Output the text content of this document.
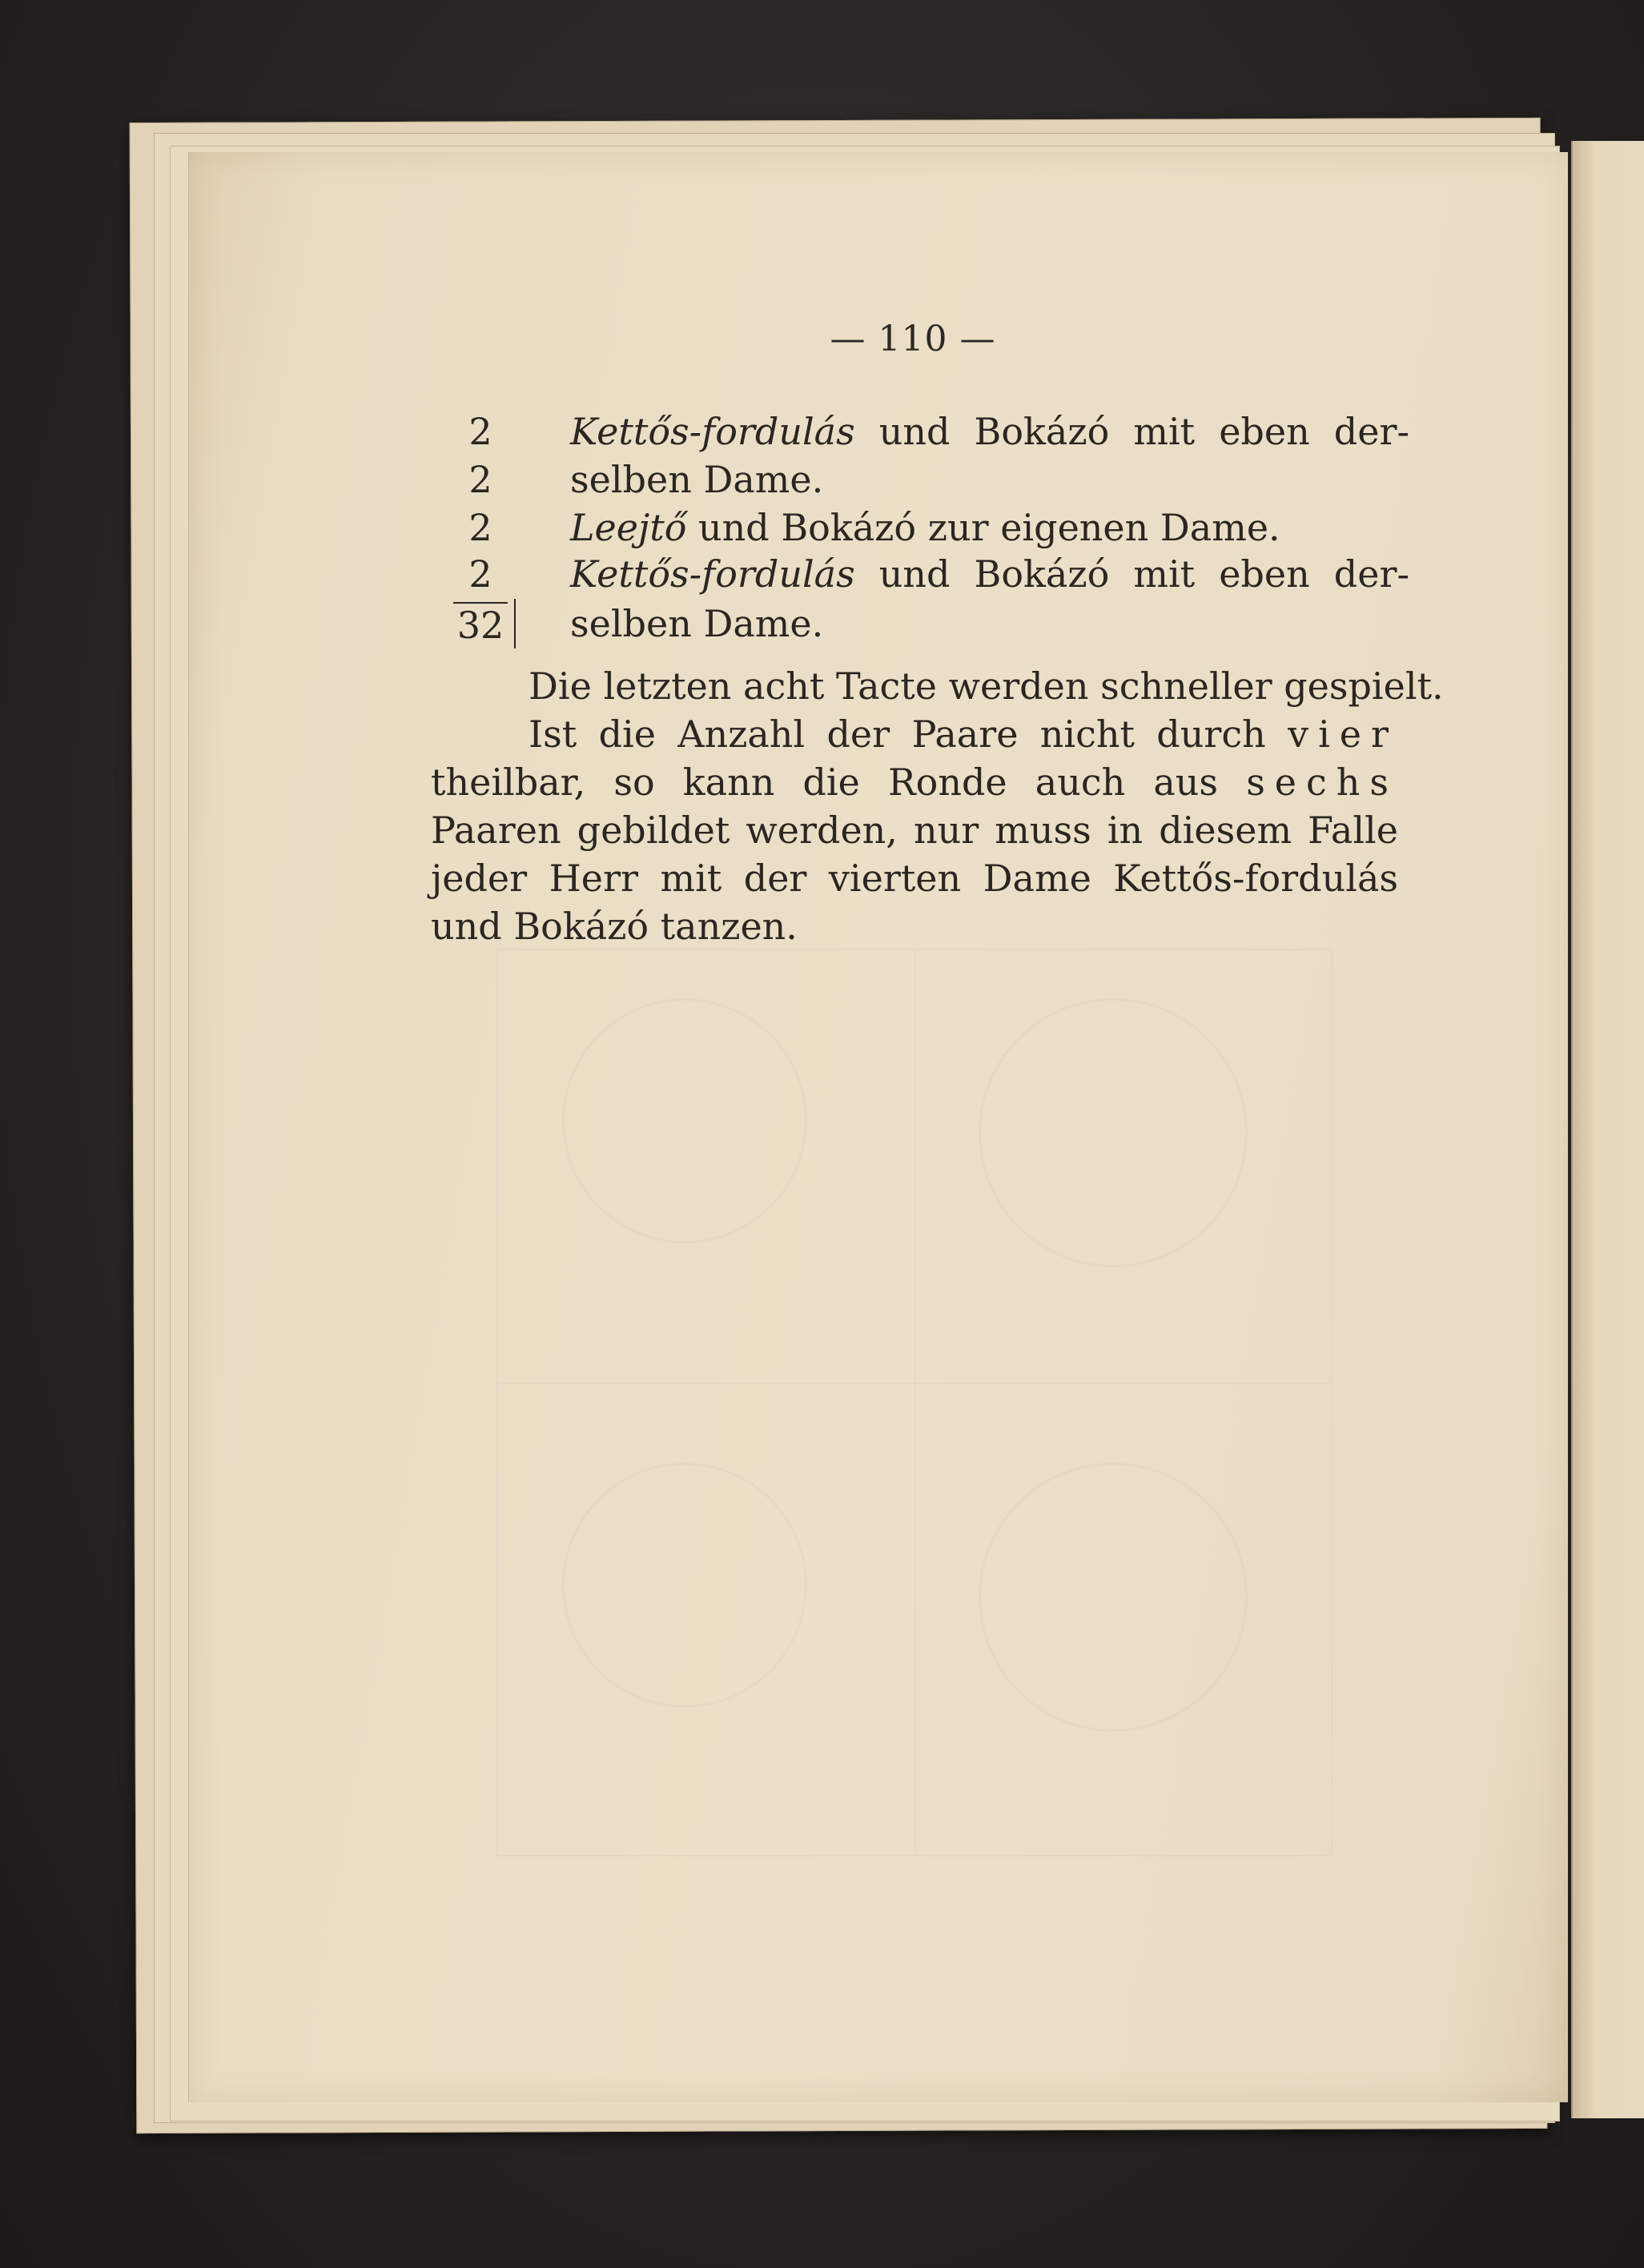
— 110 —
2
2
2
2
32
Kettős-fordulás und Bokázó mit eben der-
selben Dame.
Leejtő und Bokázó zur eigenen Dame.
Kettős-fordulás und Bokázó mit eben der-
selben Dame.
Die letzten acht Tacte werden schneller gespielt.
Ist die Anzahl der Paare nicht durch vier
theilbar, so kann die Ronde auch aus sechs
Paaren gebildet werden, nur muss in diesem Falle
jeder Herr mit der vierten Dame Kettős-fordulás
und Bokázó tanzen.
